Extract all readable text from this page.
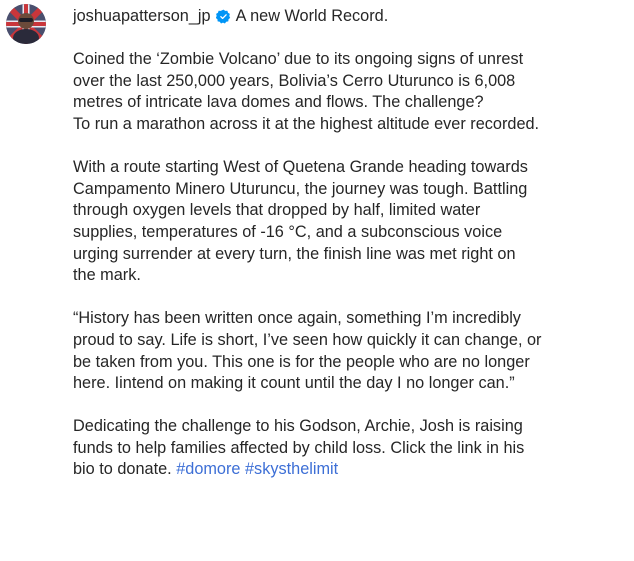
joshuapatterson_jp A new World Record.

Coined the ‘Zombie Volcano’ due to its ongoing signs of unrest
over the last 250,000 years, Bolivia’s Cerro Uturunco is 6,008
metres of intricate lava domes and flows. The challenge?
To run a marathon across it at the highest altitude ever recorded.

With a route starting West of Quetena Grande heading towards
Campamento Minero Uturuncu, the journey was tough. Battling
through oxygen levels that dropped by half, limited water
supplies, temperatures of -16 °C, and a subconscious voice
urging surrender at every turn, the finish line was met right on
the mark.

“History has been written once again, something I’m incredibly
proud to say. Life is short, I’ve seen how quickly it can change, or
be taken from you. This one is for the people who are no longer
here. Iintend on making it count until the day I no longer can.”

Dedicating the challenge to his Godson, Archie, Josh is raising
funds to help families affected by child loss. Click the link in his
bio to donate. #domore #skysthelimit
